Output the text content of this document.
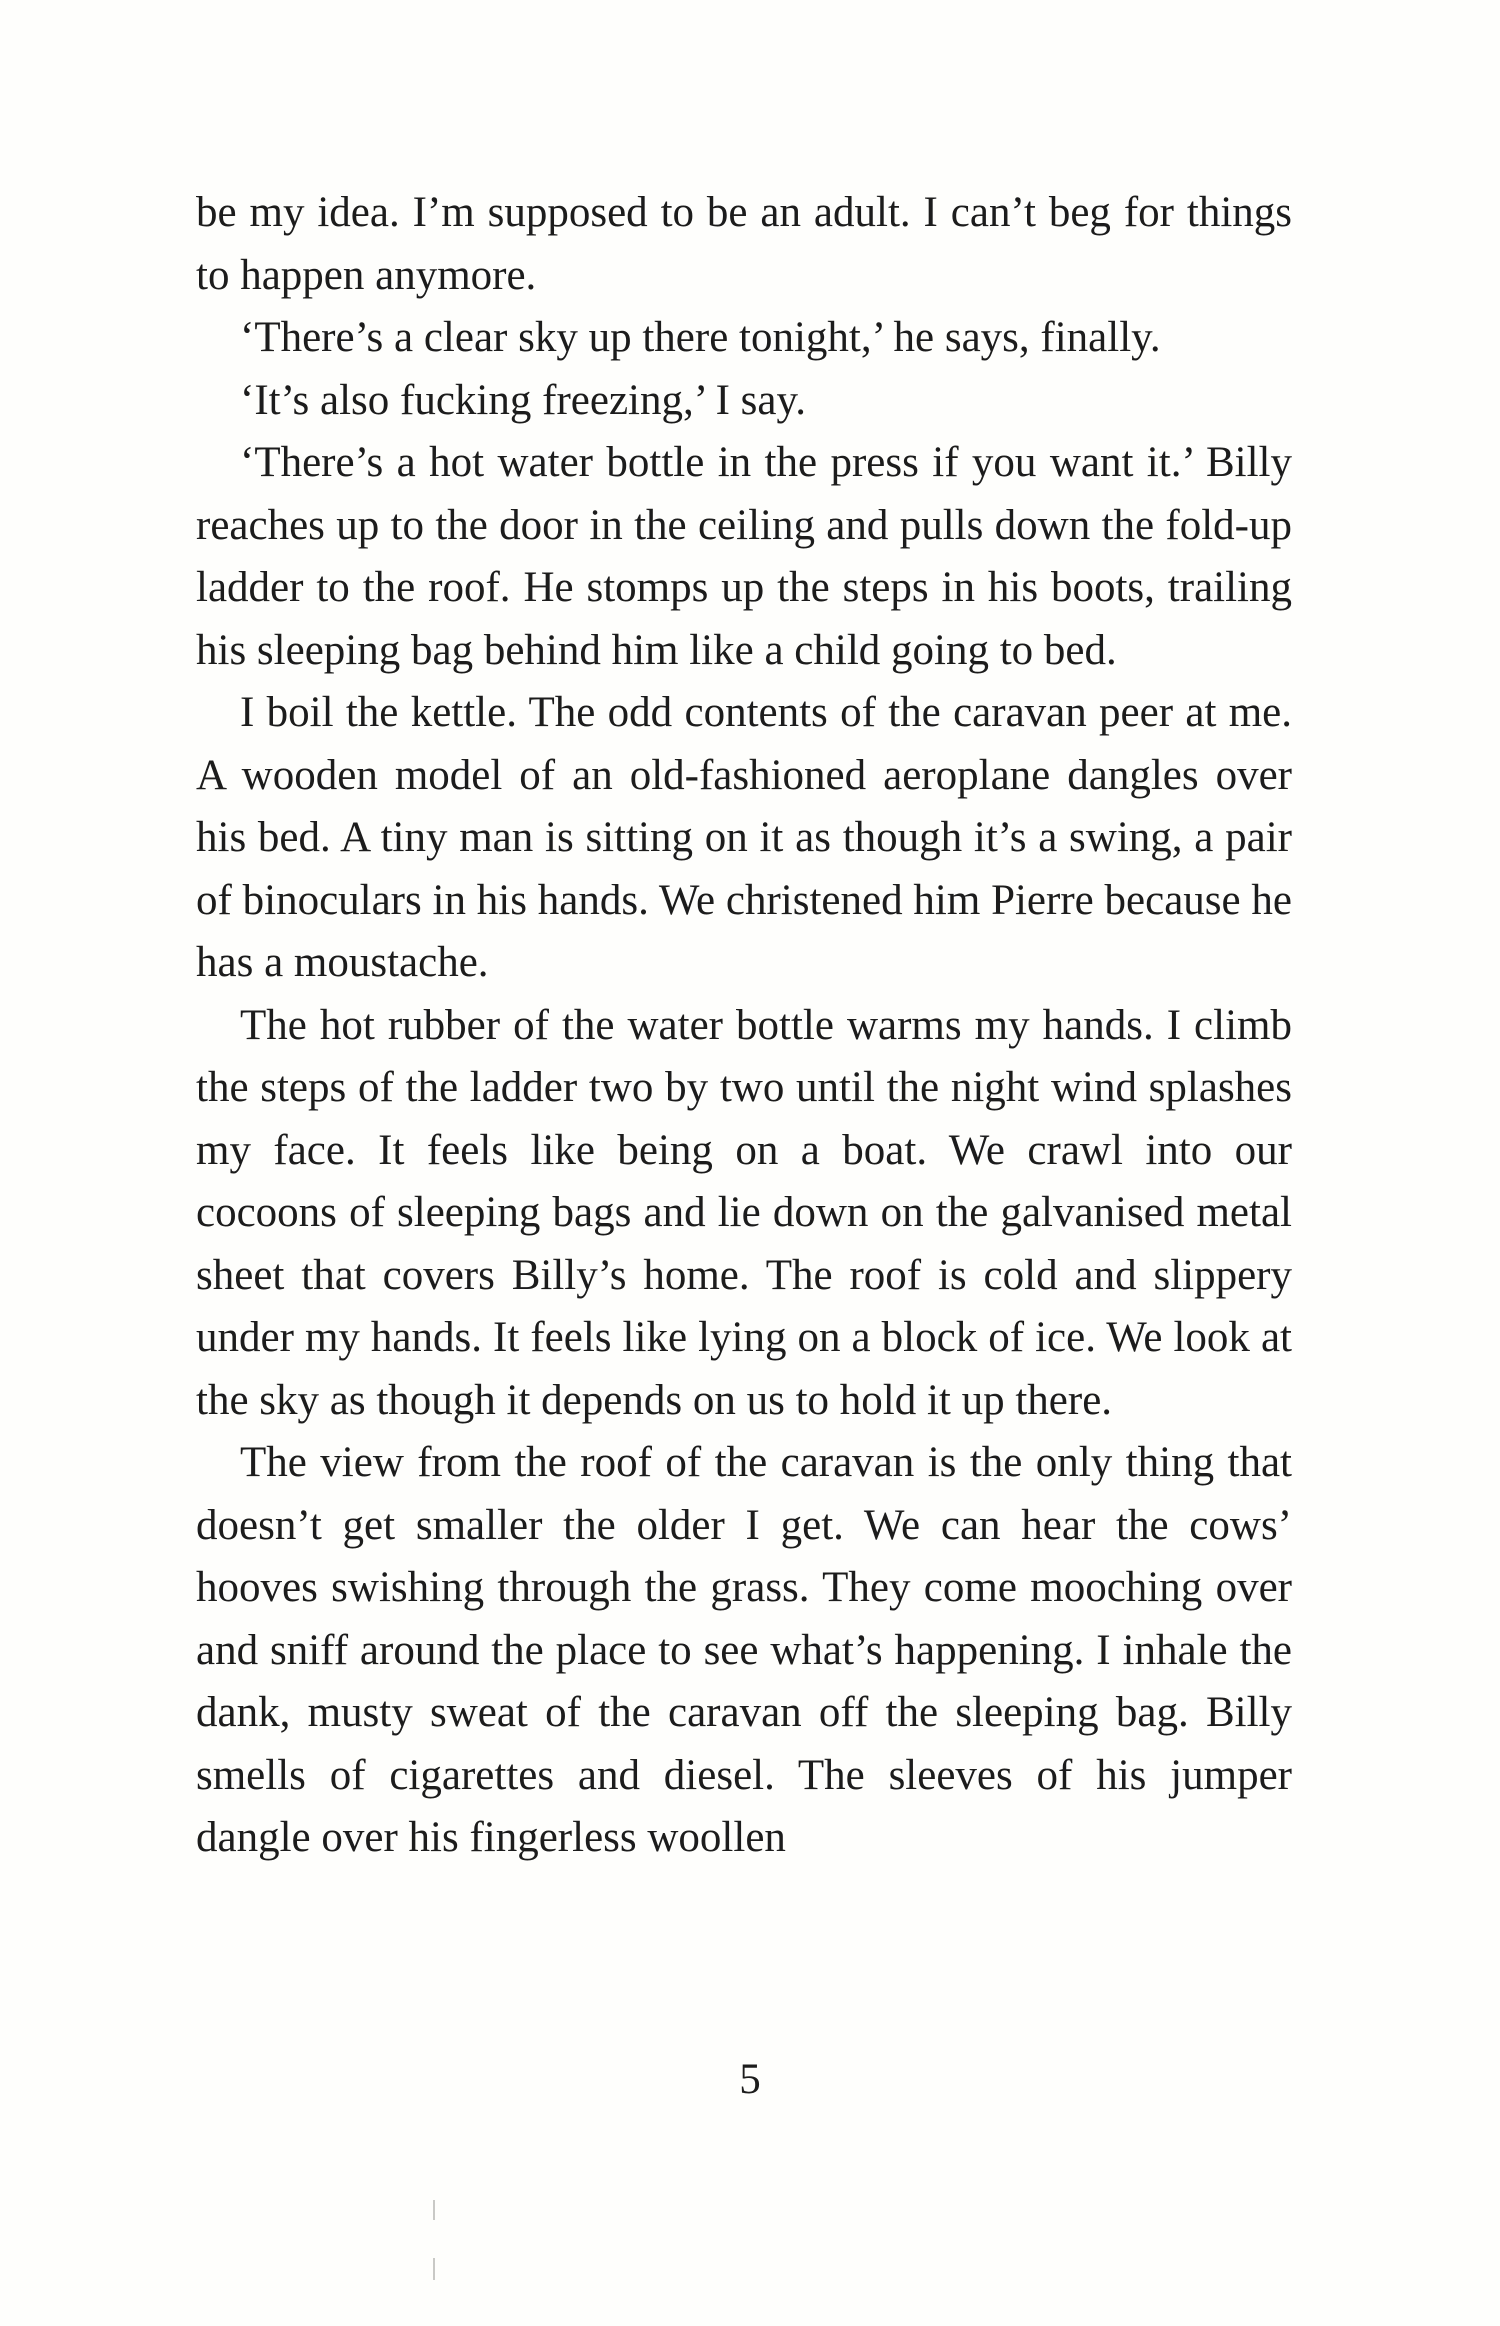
be my idea. I’m supposed to be an adult. I can’t beg for things to happen anymore.

‘There’s a clear sky up there tonight,’ he says, finally.

‘It’s also fucking freezing,’ I say.

‘There’s a hot water bottle in the press if you want it.’ Billy reaches up to the door in the ceiling and pulls down the fold-up ladder to the roof. He stomps up the steps in his boots, trailing his sleeping bag behind him like a child going to bed.

I boil the kettle. The odd contents of the caravan peer at me. A wooden model of an old-fashioned aeroplane dangles over his bed. A tiny man is sitting on it as though it’s a swing, a pair of binoculars in his hands. We christened him Pierre because he has a moustache.

The hot rubber of the water bottle warms my hands. I climb the steps of the ladder two by two until the night wind splashes my face. It feels like being on a boat. We crawl into our cocoons of sleeping bags and lie down on the galvanised metal sheet that covers Billy’s home. The roof is cold and slippery under my hands. It feels like lying on a block of ice. We look at the sky as though it depends on us to hold it up there.

The view from the roof of the caravan is the only thing that doesn’t get smaller the older I get. We can hear the cows’ hooves swishing through the grass. They come mooching over and sniff around the place to see what’s happening. I inhale the dank, musty sweat of the caravan off the sleeping bag. Billy smells of cigarettes and diesel. The sleeves of his jumper dangle over his fingerless woollen

5
